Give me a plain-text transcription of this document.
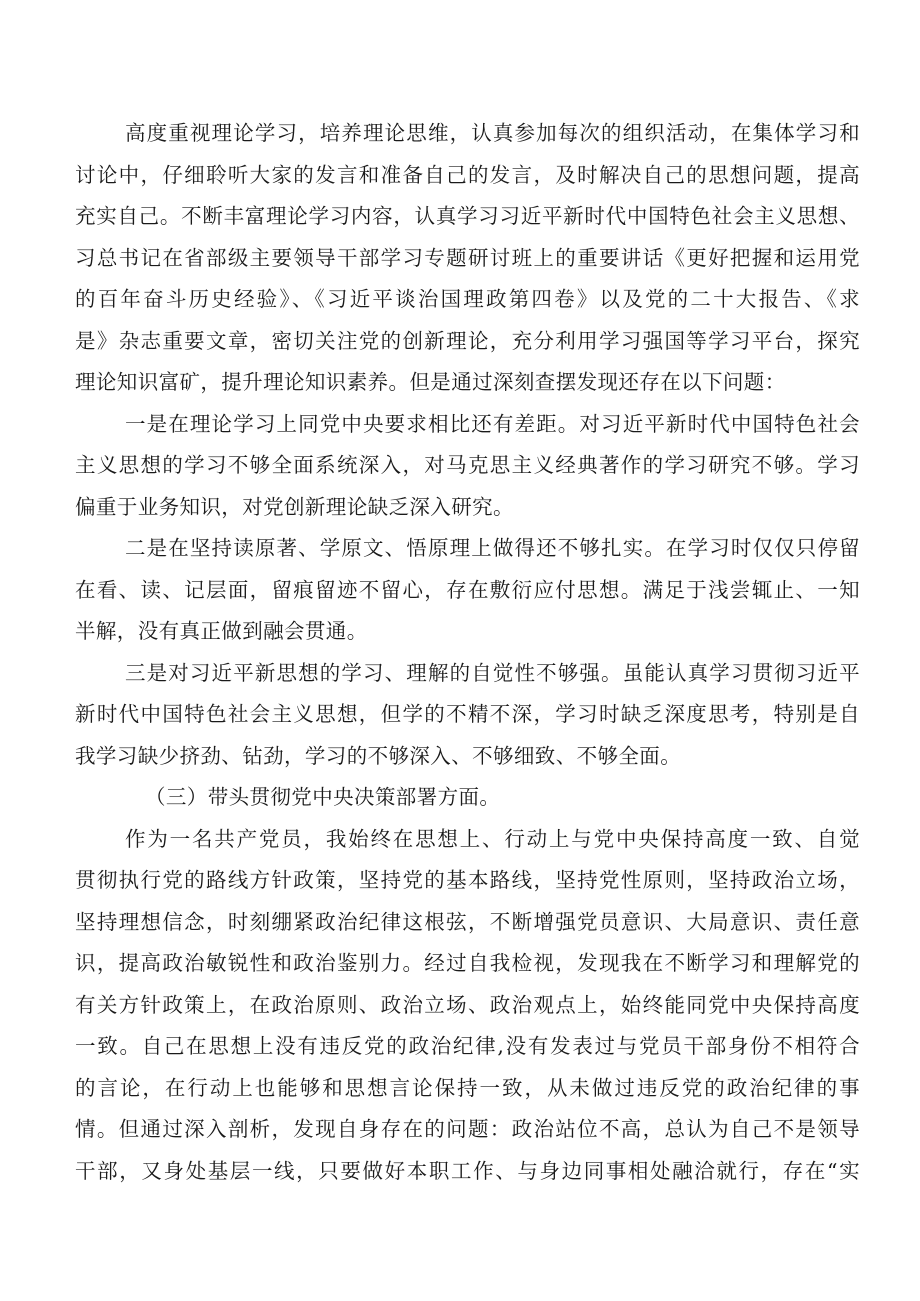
高度重视理论学习，培养理论思维，认真参加每次的组织活动，在集体学习和
讨论中，仔细聆听大家的发言和准备自己的发言，及时解决自己的思想问题，提高
充实自己。不断丰富理论学习内容，认真学习习近平新时代中国特色社会主义思想、
习总书记在省部级主要领导干部学习专题研讨班上的重要讲话《更好把握和运用党
的百年奋斗历史经验》、《习近平谈治国理政第四卷》以及党的二十大报告、《求
是》杂志重要文章，密切关注党的创新理论，充分利用学习强国等学习平台，探究
理论知识富矿，提升理论知识素养。但是通过深刻查摆发现还存在以下问题：
一是在理论学习上同党中央要求相比还有差距。对习近平新时代中国特色社会
主义思想的学习不够全面系统深入，对马克思主义经典著作的学习研究不够。学习
偏重于业务知识，对党创新理论缺乏深入研究。
二是在坚持读原著、学原文、悟原理上做得还不够扎实。在学习时仅仅只停留
在看、读、记层面，留痕留迹不留心，存在敷衍应付思想。满足于浅尝辄止、一知
半解，没有真正做到融会贯通。
三是对习近平新思想的学习、理解的自觉性不够强。虽能认真学习贯彻习近平
新时代中国特色社会主义思想，但学的不精不深，学习时缺乏深度思考，特别是自
我学习缺少挤劲、钻劲，学习的不够深入、不够细致、不够全面。
（三）带头贯彻党中央决策部署方面。
作为一名共产党员，我始终在思想上、行动上与党中央保持高度一致、自觉
贯彻执行党的路线方针政策，坚持党的基本路线，坚持党性原则，坚持政治立场，
坚持理想信念，时刻绷紧政治纪律这根弦，不断增强党员意识、大局意识、责任意
识，提高政治敏锐性和政治鉴别力。经过自我检视，发现我在不断学习和理解党的
有关方针政策上，在政治原则、政治立场、政治观点上，始终能同党中央保持高度
一致。自己在思想上没有违反党的政治纪律,没有发表过与党员干部身份不相符合
的言论，在行动上也能够和思想言论保持一致，从未做过违反党的政治纪律的事
情。但通过深入剖析，发现自身存在的问题：政治站位不高，总认为自己不是领导
干部，又身处基层一线，只要做好本职工作、与身边同事相处融洽就行，存在“实
